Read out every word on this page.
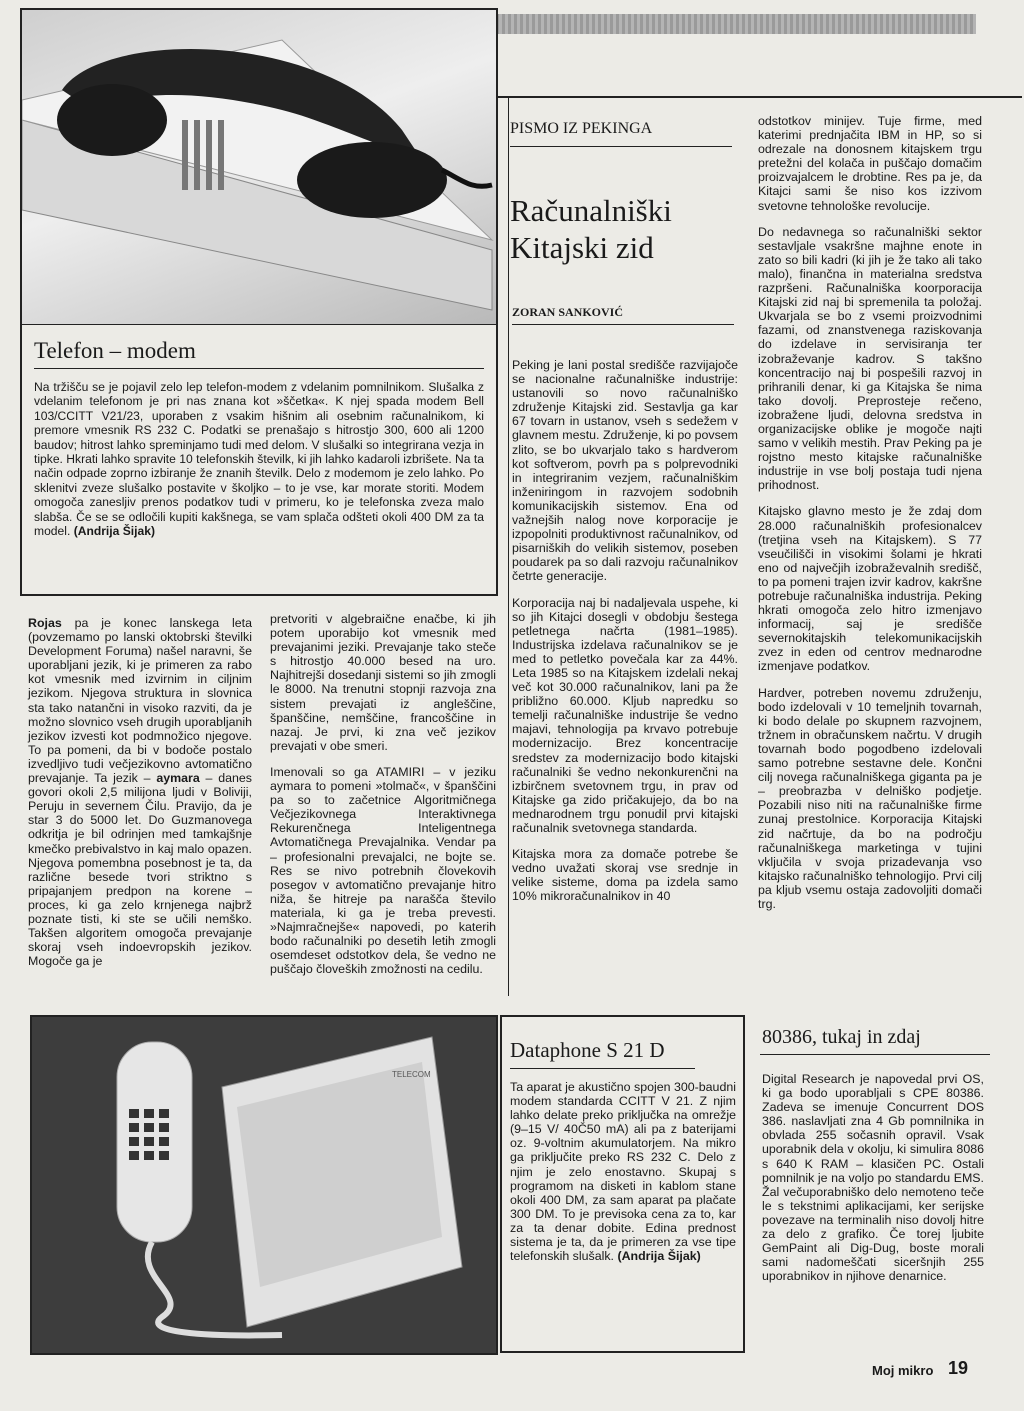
Telefon – modem
Na tržišču se je pojavil zelo lep telefon-modem z vdelanim pomnilnikom. Slušalka z vdelanim telefonom je pri nas znana kot »ščetka«. K njej spada modem Bell 103/CCITT V21/23, uporaben z vsakim hišnim ali osebnim računalnikom, ki premore vmesnik RS 232 C. Podatki se prenašajo s hitrostjo 300, 600 ali 1200 baudov; hitrost lahko spreminjamo tudi med delom. V slušalki so integrirana vezja in tipke. Hkrati lahko spravite 10 telefonskih številk, ki jih lahko kadaroli izbrišete. Na ta način odpade zoprno izbiranje že znanih številk. Delo z modemom je zelo lahko. Po sklenitvi zveze slušalko postavite v školjko – to je vse, kar morate storiti. Modem omogoča zanesljiv prenos podatkov tudi v primeru, ko je telefonska zveza malo slabša. Če se se odločili kupiti kakšnega, se vam splača odšteti okoli 400 DM za ta model. (Andrija Šijak)
PISMO IZ PEKINGA
Računalniški
Kitajski zid
ZORAN SANKOVIĆ

Peking je lani postal središče razvijajoče se nacionalne računalniške industrije: ustanovili so novo računalniško združenje Kitajski zid. Sestavlja ga kar 67 tovarn in ustanov, vseh s sedežem v glavnem mestu. Združenje, ki po povsem zlito, se bo ukvarjalo tako s hardverom kot softverom, povrh pa s polprevodniki in integriranim vezjem, računalniškim inženiringom in razvojem sodobnih komunikacijskih sistemov. Ena od važnejših nalog nove korporacije je izpopolniti produktivnost računalnikov, od pisarniških do velikih sistemov, poseben poudarek pa so dali razvoju računalnikov četrte generacije.

Korporacija naj bi nadaljevala uspehe, ki so jih Kitajci dosegli v obdobju šestega petletnega načrta (1981–1985). Industrijska izdelava računalnikov se je med to petletko povečala kar za 44%. Leta 1985 so na Kitajskem izdelali nekaj več kot 30.000 računalnikov, lani pa že približno 60.000. Kljub napredku so temelji računalniške industrije še vedno majavi, tehnologija pa krvavo potrebuje modernizacijo. Brez koncentracije sredstev za modernizacijo bodo kitajski računalniki še vedno nekonkurenčni na izbirčnem svetovnem trgu, in prav od Kitajske ga zido pričakujejo, da bo na mednarodnem trgu ponudil prvi kitajski računalnik svetovnega standarda.

Kitajska mora za domače potrebe še vedno uvažati skoraj vse srednje in velike sisteme, doma pa izdela samo 10% mikroračunalnikov in 40

odstotkov minijev. Tuje firme, med katerimi prednjačita IBM in HP, so si odrezale na donosnem kitajskem trgu pretežni del kolača in puščajo domačim proizvajalcem le drobtine. Res pa je, da Kitajci sami še niso kos izzivom svetovne tehnološke revolucije.

Do nedavnega so računalniški sektor sestavljale vsakršne majhne enote in zato so bili kadri (ki jih je že tako ali tako malo), finančna in materialna sredstva razpršeni. Računalniška koorporacija Kitajski zid naj bi spremenila ta položaj. Ukvarjala se bo z vsemi proizvodnimi fazami, od znanstvenega raziskovanja do izdelave in servisiranja ter izobraževanje kadrov. S takšno koncentracijo naj bi pospešili razvoj in prihranili denar, ki ga Kitajska še nima tako dovolj. Preprosteje rečeno, izobražene ljudi, delovna sredstva in organizacijske oblike je mogoče najti samo v velikih mestih. Prav Peking pa je rojstno mesto kitajske računalniške industrije in vse bolj postaja tudi njena prihodnost.

Kitajsko glavno mesto je že zdaj dom 28.000 računalniških profesionalcev (tretjina vseh na Kitajskem). S 77 vseučilišči in visokimi šolami je hkrati eno od največjih izobraževalnih središč, to pa pomeni trajen izvir kadrov, kakršne potrebuje računalniška industrija. Peking hkrati omogoča zelo hitro izmenjavo informacij, saj je središče severnokitajskih telekomunikacijskih zvez in eden od centrov mednarodne izmenjave podatkov.

Hardver, potreben novemu združenju, bodo izdelovali v 10 temeljnih tovarnah, ki bodo delale po skupnem razvojnem, tržnem in obračunskem načrtu. V drugih tovarnah bodo pogodbeno izdelovali samo potrebne sestavne dele. Končni cilj novega računalniškega giganta pa je – preobrazba v delniško podjetje. Pozabili niso niti na računalniške firme zunaj prestolnice. Korporacija Kitajski zid načrtuje, da bo na področju računalniškega marketinga v tujini vključila v svoja prizadevanja vso kitajsko računalniško tehnologijo. Prvi cilj pa kljub vsemu ostaja zadovoljiti domači trg.

Rojas pa je konec lanskega leta (povzemamo po lanski oktobrski številki Development Foruma) našel naravni, še uporabljani jezik, ki je primeren za rabo kot vmesnik med izvirnim in ciljnim jezikom. Njegova struktura in slovnica sta tako natančni in visoko razviti, da je možno slovnico vseh drugih uporabljanih jezikov izvesti kot podmnožico njegove. To pa pomeni, da bi v bodoče postalo izvedljivo tudi večjezikovno avtomatično prevajanje. Ta jezik – aymara – danes govori okoli 2,5 milijona ljudi v Boliviji, Peruju in severnem Čilu. Pravijo, da je star 3 do 5000 let. Do Guzmanovega odkritja je bil odrinjen med tamkajšnje kmečko prebivalstvo in kaj malo opazen. Njegova pomembna posebnost je ta, da različne besede tvori striktno s pripajanjem predpon na korene – proces, ki ga zelo krnjenega najbrž poznate tisti, ki ste se učili nemško. Takšen algoritem omogoča prevajanje skoraj vseh indoevropskih jezikov. Mogoče ga je

pretvoriti v algebraične enačbe, ki jih potem uporabijo kot vmesnik med prevajanimi jeziki. Prevajanje tako steče s hitrostjo 40.000 besed na uro. Najhitrejši dosedanji sistemi so jih zmogli le 8000. Na trenutni stopnji razvoja zna sistem prevajati iz angleščine, španščine, nemščine, francoščine in nazaj. Je prvi, ki zna več jezikov prevajati v obe smeri.

Imenovali so ga ATAMIRI – v jeziku aymara to pomeni »tolmač«, v španščini pa so to začetnice Algoritmičnega Večjezikovnega Interaktivnega Rekurenčnega Inteligentnega Avtomatičnega Prevajalnika. Vendar pa – profesionalni prevajalci, ne bojte se. Res se nivo potrebnih človekovih posegov v avtomatično prevajanje hitro niža, še hitreje pa narašča število materiala, ki ga je treba prevesti. »Najmračnejše« napovedi, po katerih bodo računalniki po desetih letih zmogli osemdeset odstotkov dela, še vedno ne puščajo človeških zmožnosti na cedilu.

TELECOM
Dataphone S 21 D
Ta aparat je akustično spojen 300-baudni modem standarda CCITT V 21. Z njim lahko delate preko priključka na omrežje (9–15 V/ 40Č50 mA) ali pa z baterijami oz. 9-voltnim akumulatorjem. Na mikro ga priključite preko RS 232 C. Delo z njim je zelo enostavno. Skupaj s programom na disketi in kablom stane okoli 400 DM, za sam aparat pa plačate 300 DM. To je previsoka cena za to, kar za ta denar dobite. Edina prednost sistema je ta, da je primeren za vse tipe telefonskih slušalk. (Andrija Šijak)
80386, tukaj in zdaj
Digital Research je napovedal prvi OS, ki ga bodo uporabljali s CPE 80386. Zadeva se imenuje Concurrent DOS 386. naslavljati zna 4 Gb pomnilnika in obvlada 255 sočasnih opravil. Vsak uporabnik dela v okolju, ki simulira 8086 s 640 K RAM – klasičen PC. Ostali pomnilnik je na voljo po standardu EMS. Žal večuporabniško delo nemoteno teče le s tekstnimi aplikacijami, ker serijske povezave na terminalih niso dovolj hitre za delo z grafiko. Če torej ljubite GemPaint ali Dig-Dug, boste morali sami nadomeščati siceršnjih 255 uporabnikov in njihove denarnice.
Moj mikro 19
